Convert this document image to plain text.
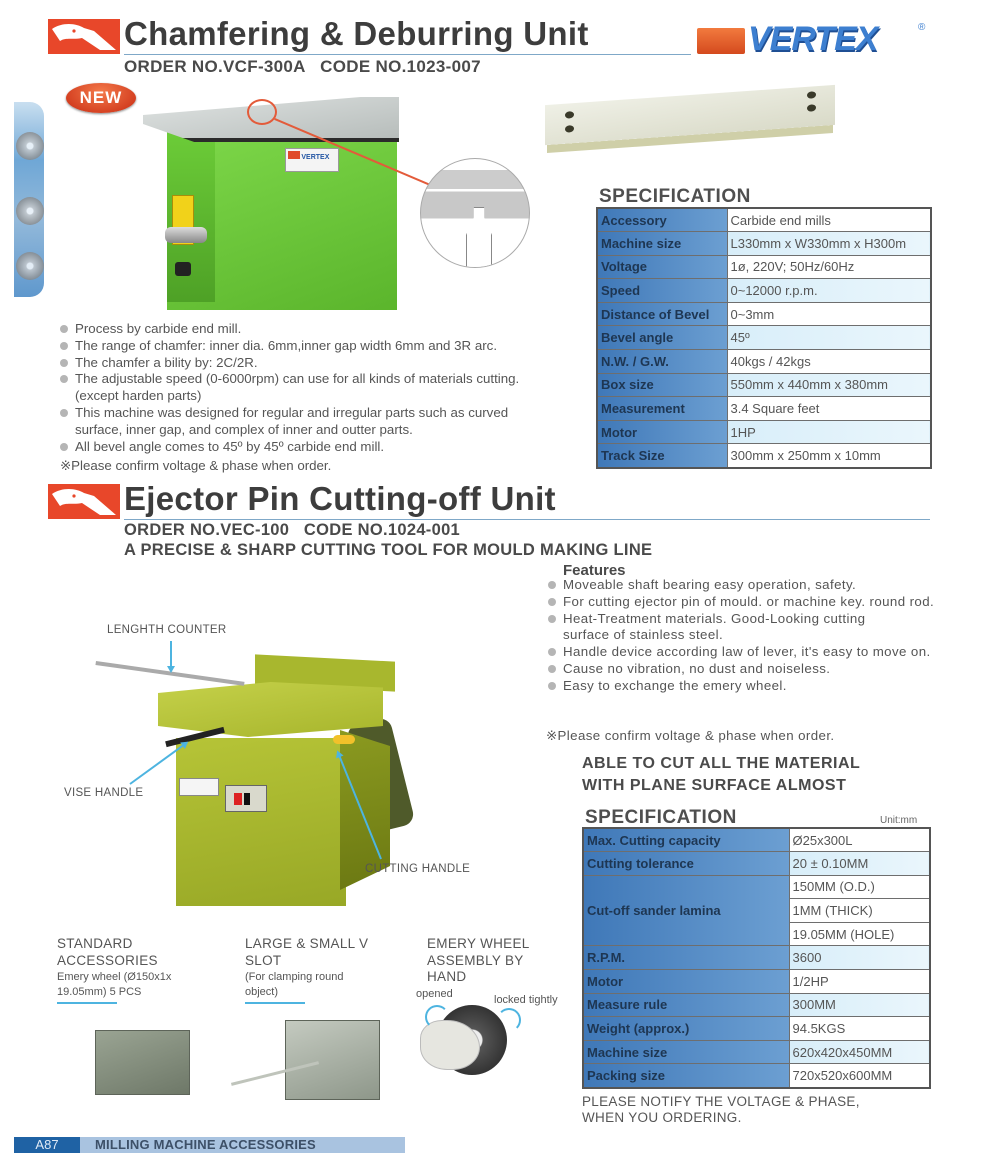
Chamfering & Deburring Unit
ORDER NO.VCF-300A   CODE NO.1023-007
VERTEX	®
NEW
VERTEX
SPECIFICATION
Accessory	Carbide end mills
Machine size	L330mm x W330mm x H300m
Voltage	1ø, 220V; 50Hz/60Hz
Speed	0~12000 r.p.m.
Distance of Bevel	0~3mm
Bevel angle	45º
N.W. / G.W.	40kgs / 42kgs
Box size	550mm x 440mm x 380mm
Measurement	3.4 Square feet
Motor	1HP
Track Size	300mm x 250mm x 10mm
Process by carbide end mill.
The range of chamfer: inner dia. 6mm,inner gap width 6mm and 3R arc.
The chamfer a bility by: 2C/2R.
The adjustable speed (0-6000rpm) can use for all kinds of materials cutting. (except harden parts)
This machine was designed for regular and irregular parts such as curved surface, inner gap, and complex of inner and outter parts.
All bevel angle comes to 45º by 45º carbide end mill.
※Please confirm voltage & phase when order.
Ejector Pin Cutting-off Unit
ORDER NO.VEC-100   CODE NO.1024-001
A PRECISE & SHARP CUTTING TOOL FOR MOULD MAKING LINE
LENGHTH COUNTER
VISE HANDLE
CUTTING HANDLE
Features
Moveable shaft bearing easy operation, safety.
For cutting ejector pin of mould. or machine key. round rod.
Heat-Treatment materials. Good-Looking cutting surface of stainless steel.
Handle device according law of lever, it's easy to move on.
Cause no vibration, no dust and noiseless.
Easy to exchange the emery wheel.
※Please confirm voltage & phase when order.
ABLE TO CUT ALL THE MATERIAL
WITH PLANE SURFACE ALMOST
SPECIFICATION	Unit:mm
Max. Cutting capacity	Ø25x300L
Cutting tolerance	20 ± 0.10MM
Cut-off sander lamina	150MM (O.D.)
	1MM (THICK)
	19.05MM (HOLE)
R.P.M.	3600
Motor	1/2HP
Measure rule	300MM
Weight (approx.)	94.5KGS
Machine size	620x420x450MM
Packing size	720x520x600MM
PLEASE NOTIFY THE VOLTAGE & PHASE,
WHEN YOU ORDERING.
STANDARD ACCESSORIES
Emery wheel (Ø150x1x 19.05mm) 5 PCS
LARGE & SMALL V SLOT
(For clamping round object)
EMERY WHEEL ASSEMBLY BY HAND
opened	locked tightly
A87	MILLING MACHINE ACCESSORIES
